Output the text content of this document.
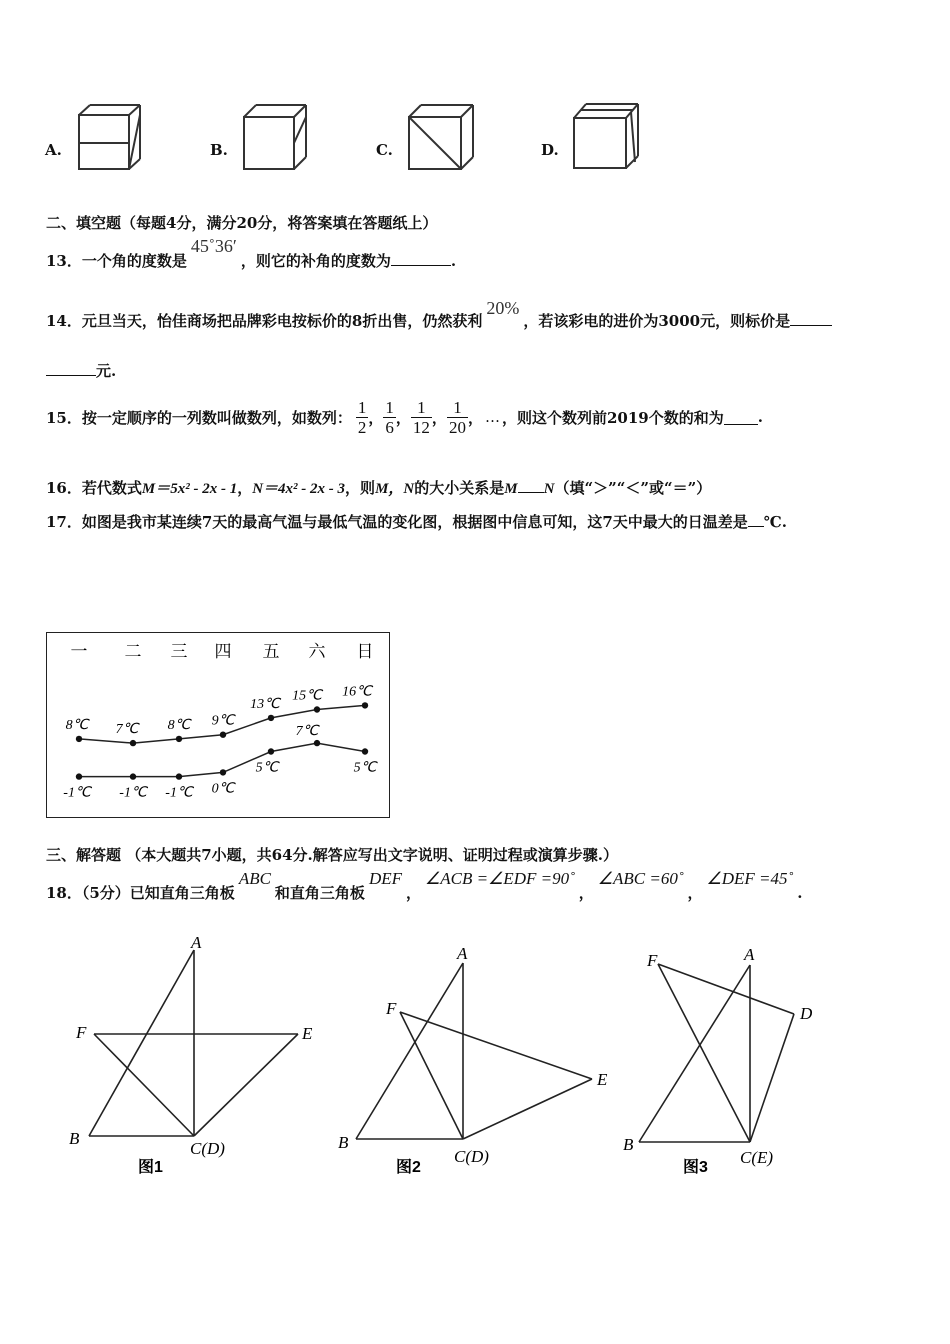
A.	B.	C.	D.
二、填空题（每题4分，满分20分，将答案填在答题纸上）
13．一个角的度数是45˚36′，则它的补角的度数为	.
14．元旦当天，怡佳商场把品牌彩电按标价的8折出售，仍然获利20%，若该彩电的进价为3000元，则标价是
元.
15．按一定顺序的一列数叫做数列，如数列： $\frac{1}{2}$ ， $\frac{1}{6}$ ， $\frac{1}{12}$ ， $\frac{1}{20}$ ， … ，则这个数列前2019个数的和为 .
16．若代数式M＝5x² - 2x - 1，N＝4x² - 2x - 3，则M，N的大小关系是M N（填“＞”“＜”或“＝”）
17．如图是我市某连续7天的最高气温与最低气温的变化图，根据图中信息可知，这7天中最大的日温差是 ℃.
一 二 三 四 五 六 日
8℃ 7℃ 8℃ 9℃
13℃
15℃ 16℃
-1℃ -1℃ -1℃ 0℃
5℃
7℃
5℃
三、解答题 （本大题共7小题，共64分.解答应写出文字说明、证明过程或演算步骤.）
18．（5分）已知直角三角板ABC和直角三角板DEF，∠ACB =∠EDF =90˚，∠ABC =60˚，∠DEF =45˚.
A
F	E
B
C(D)
图1
A
F
E
B
C(D)
图2
A
F
D
B
C(E)
图3
